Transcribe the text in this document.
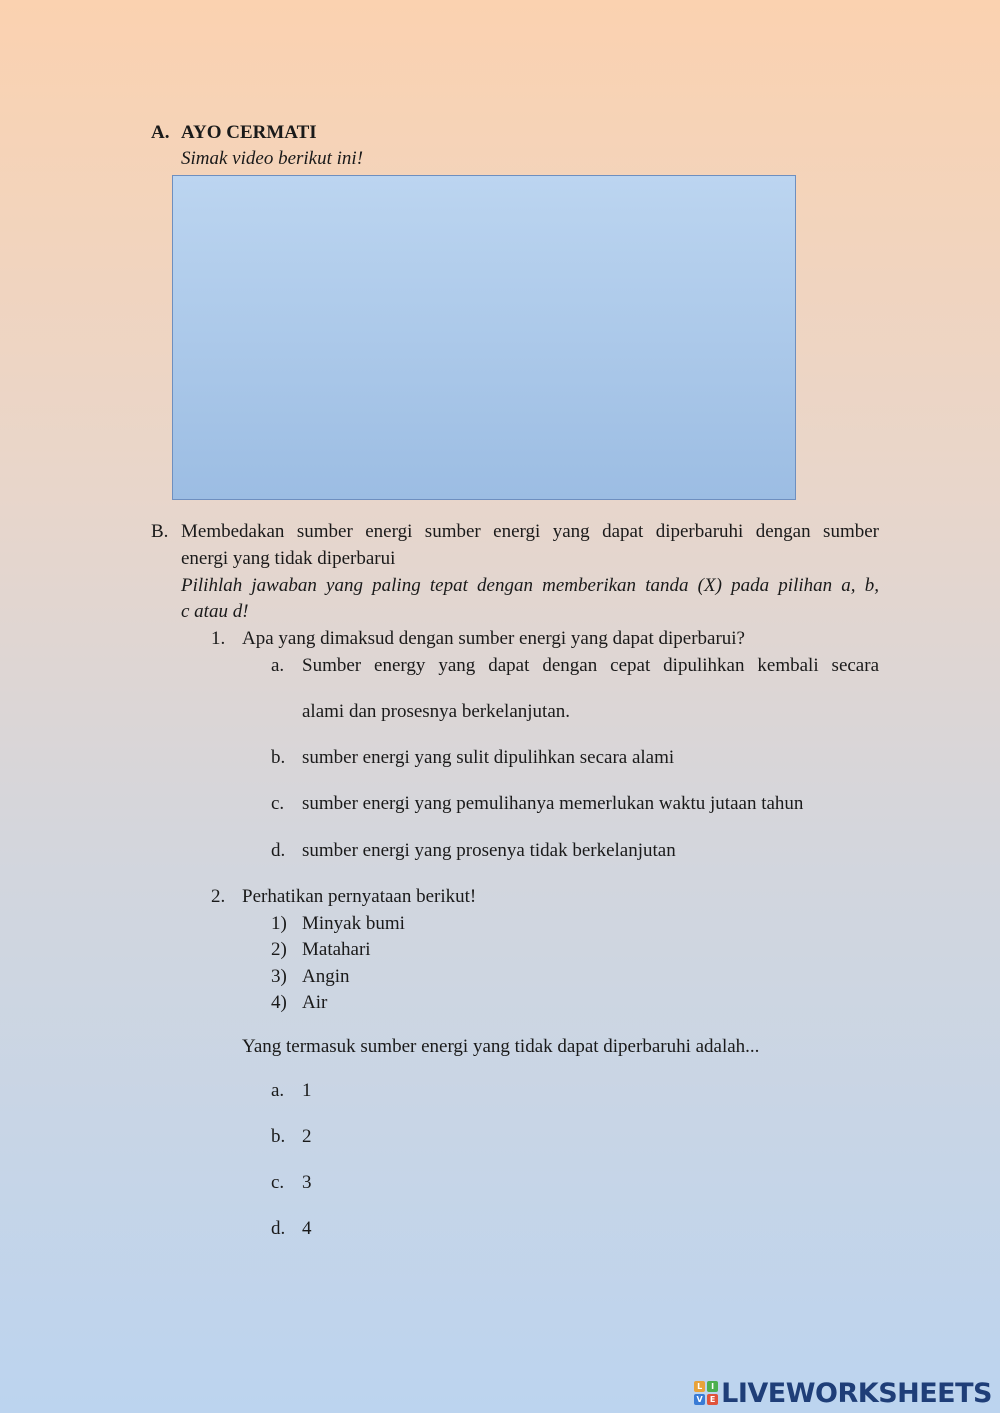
A. AYO CERMATI
Simak video berikut ini!
B. Membedakan sumber energi sumber energi yang dapat diperbaruhi dengan sumber
energi yang tidak diperbarui
Pilihlah jawaban yang paling tepat dengan memberikan tanda (X) pada pilihan a, b,
c atau d!
1. Apa yang dimaksud dengan sumber energi yang dapat diperbarui?
a. Sumber energy yang dapat dengan cepat dipulihkan kembali secara
alami dan prosesnya berkelanjutan.
b. sumber energi yang sulit dipulihkan secara alami
c. sumber energi yang pemulihanya memerlukan waktu jutaan tahun
d. sumber energi yang prosenya tidak berkelanjutan
2. Perhatikan pernyataan berikut!
1) Minyak bumi
2) Matahari
3) Angin
4) Air
Yang termasuk sumber energi yang tidak dapat diperbaruhi adalah...
a. 1
b. 2
c. 3
d. 4
L	I
V E LIVEWORKSHEETS
